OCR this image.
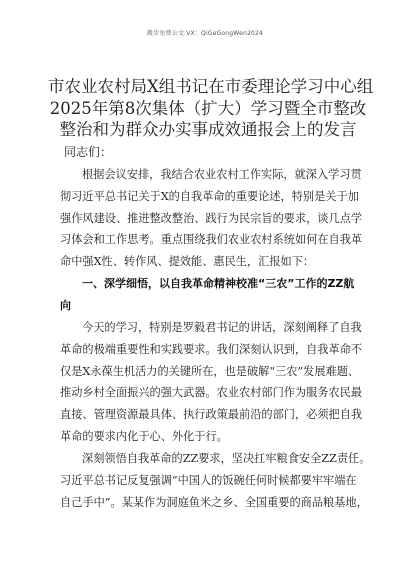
搬步免费公文 VX：QiGeGongWen2024
市农业农村局X组书记在市委理论学习中心组
2025年第8次集体（扩大）学习暨全市整改
整治和为群众办实事成效通报会上的发言
同志们：
根据会议安排，我结合农业农村工作实际，就深入学习贯
彻习近平总书记关于X的自我革命的重要论述，特别是关于加
强作风建设、推进整改整治、践行为民宗旨的要求，谈几点学
习体会和工作思考。重点围绕我们农业农村系统如何在自我革
命中强X性、转作风、提效能、惠民生，汇报如下：
一、深学细悟，以自我革命精神校准“三农”工作的ZZ航
向
今天的学习，特别是罗毅君书记的讲话，深刻阐释了自我
革命的极端重要性和实践要求。我们深刻认识到，自我革命不
仅是X永葆生机活力的关键所在，也是破解“三农”发展难题、
推动乡村全面振兴的强大武器。农业农村部门作为服务农民最
直接、管理资源最具体、执行政策最前沿的部门，必须把自我
革命的要求内化于心、外化于行。
深刻领悟自我革命的ZZ要求，坚决扛牢粮食安全ZZ责任。
习近平总书记反复强调“中国人的饭碗任何时候都要牢牢端在
自己手中”。某某作为洞庭鱼米之乡、全国重要的商品粮基地，
